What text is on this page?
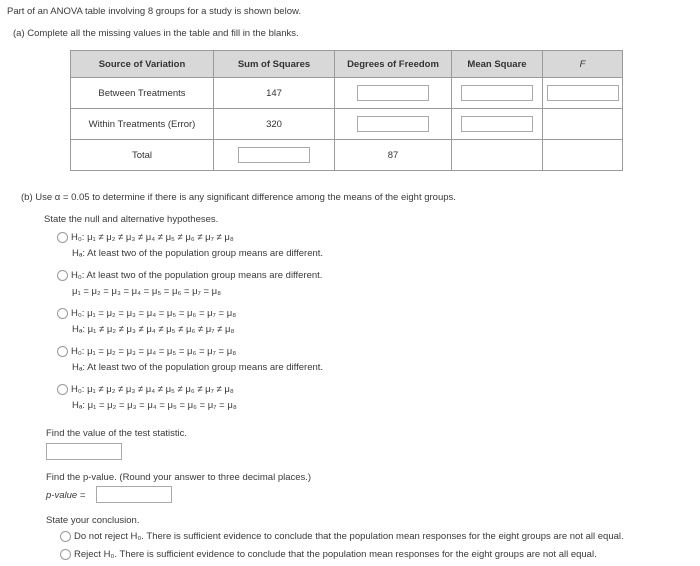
Part of an ANOVA table involving 8 groups for a study is shown below.
(a) Complete all the missing values in the table and fill in the blanks.
Source of Variation	Sum of Squares	Degrees of Freedom	Mean Square	F
Between Treatments	147			
Within Treatments (Error)	320			
Total		87		
(b) Use α = 0.05 to determine if there is any significant difference among the means of the eight groups.
State the null and alternative hypotheses.
H₀: μ₁ ≠ μ₂ ≠ μ₃ ≠ μ₄ ≠ μ₅ ≠ μ₆ ≠ μ₇ ≠ μ₈
Hₐ: At least two of the population group means are different.
H₀: At least two of the population group means are different.
μ₁ = μ₂ = μ₃ = μ₄ = μ₅ = μ₆ = μ₇ = μ₈
H₀: μ₁ = μ₂ = μ₃ = μ₄ = μ₅ = μ₆ = μ₇ = μ₈
Hₐ: μ₁ ≠ μ₂ ≠ μ₃ ≠ μ₄ ≠ μ₅ ≠ μ₆ ≠ μ₇ ≠ μ₈
H₀: μ₁ = μ₂ = μ₃ = μ₄ = μ₅ = μ₆ = μ₇ = μ₈
Hₐ: At least two of the population group means are different.
H₀: μ₁ ≠ μ₂ ≠ μ₃ ≠ μ₄ ≠ μ₅ ≠ μ₆ ≠ μ₇ ≠ μ₈
Hₐ: μ₁ = μ₂ = μ₃ = μ₄ = μ₅ = μ₆ = μ₇ = μ₈
Find the value of the test statistic.
Find the p-value. (Round your answer to three decimal places.)
p-value =
State your conclusion.
Do not reject H₀. There is sufficient evidence to conclude that the population mean responses for the eight groups are not all equal.
Reject H₀. There is sufficient evidence to conclude that the population mean responses for the eight groups are not all equal.
